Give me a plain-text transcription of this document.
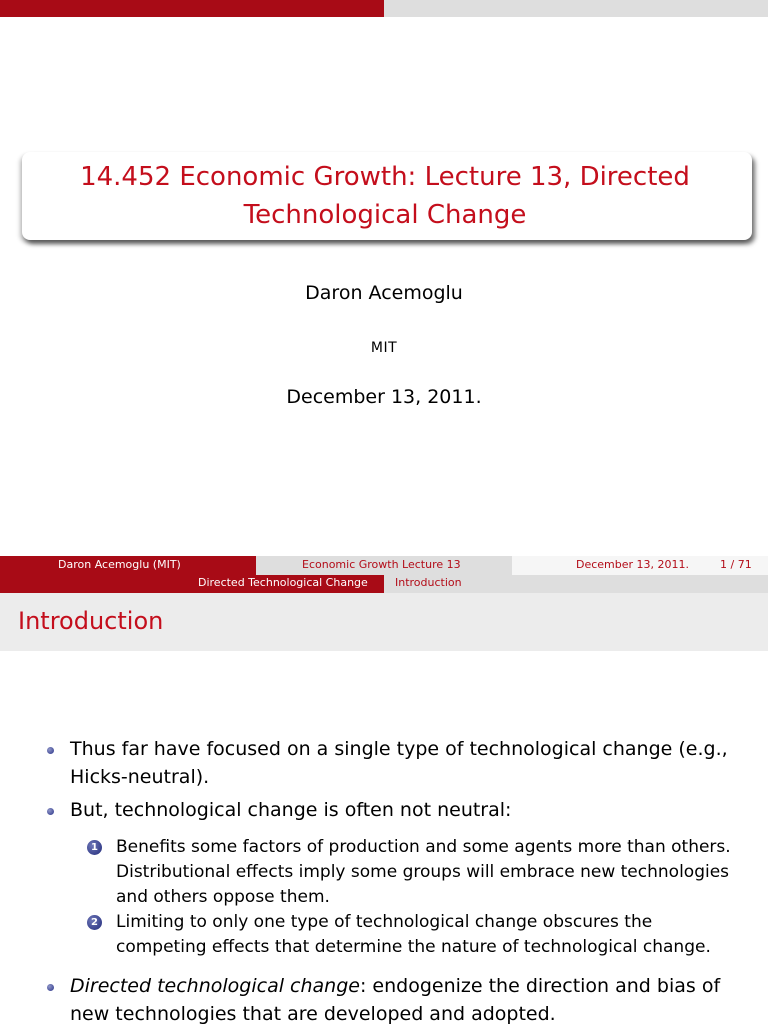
14.452 Economic Growth: Lecture 13, Directed
Technological Change
Daron Acemoglu
MIT
December 13, 2011.
Daron Acemoglu (MIT)	Economic Growth Lecture 13	December 13, 2011.	1 / 71
Directed Technological Change Introduction
Introduction
Thus far have focused on a single type of technological change (e.g.,
Hicks-neutral).
But, technological change is often not neutral:
1 Benefits some factors of production and some agents more than others.
Distributional effects imply some groups will embrace new technologies
and others oppose them.
2 Limiting to only one type of technological change obscures the
competing effects that determine the nature of technological change.
Directed technological change: endogenize the direction and bias of
new technologies that are developed and adopted.
